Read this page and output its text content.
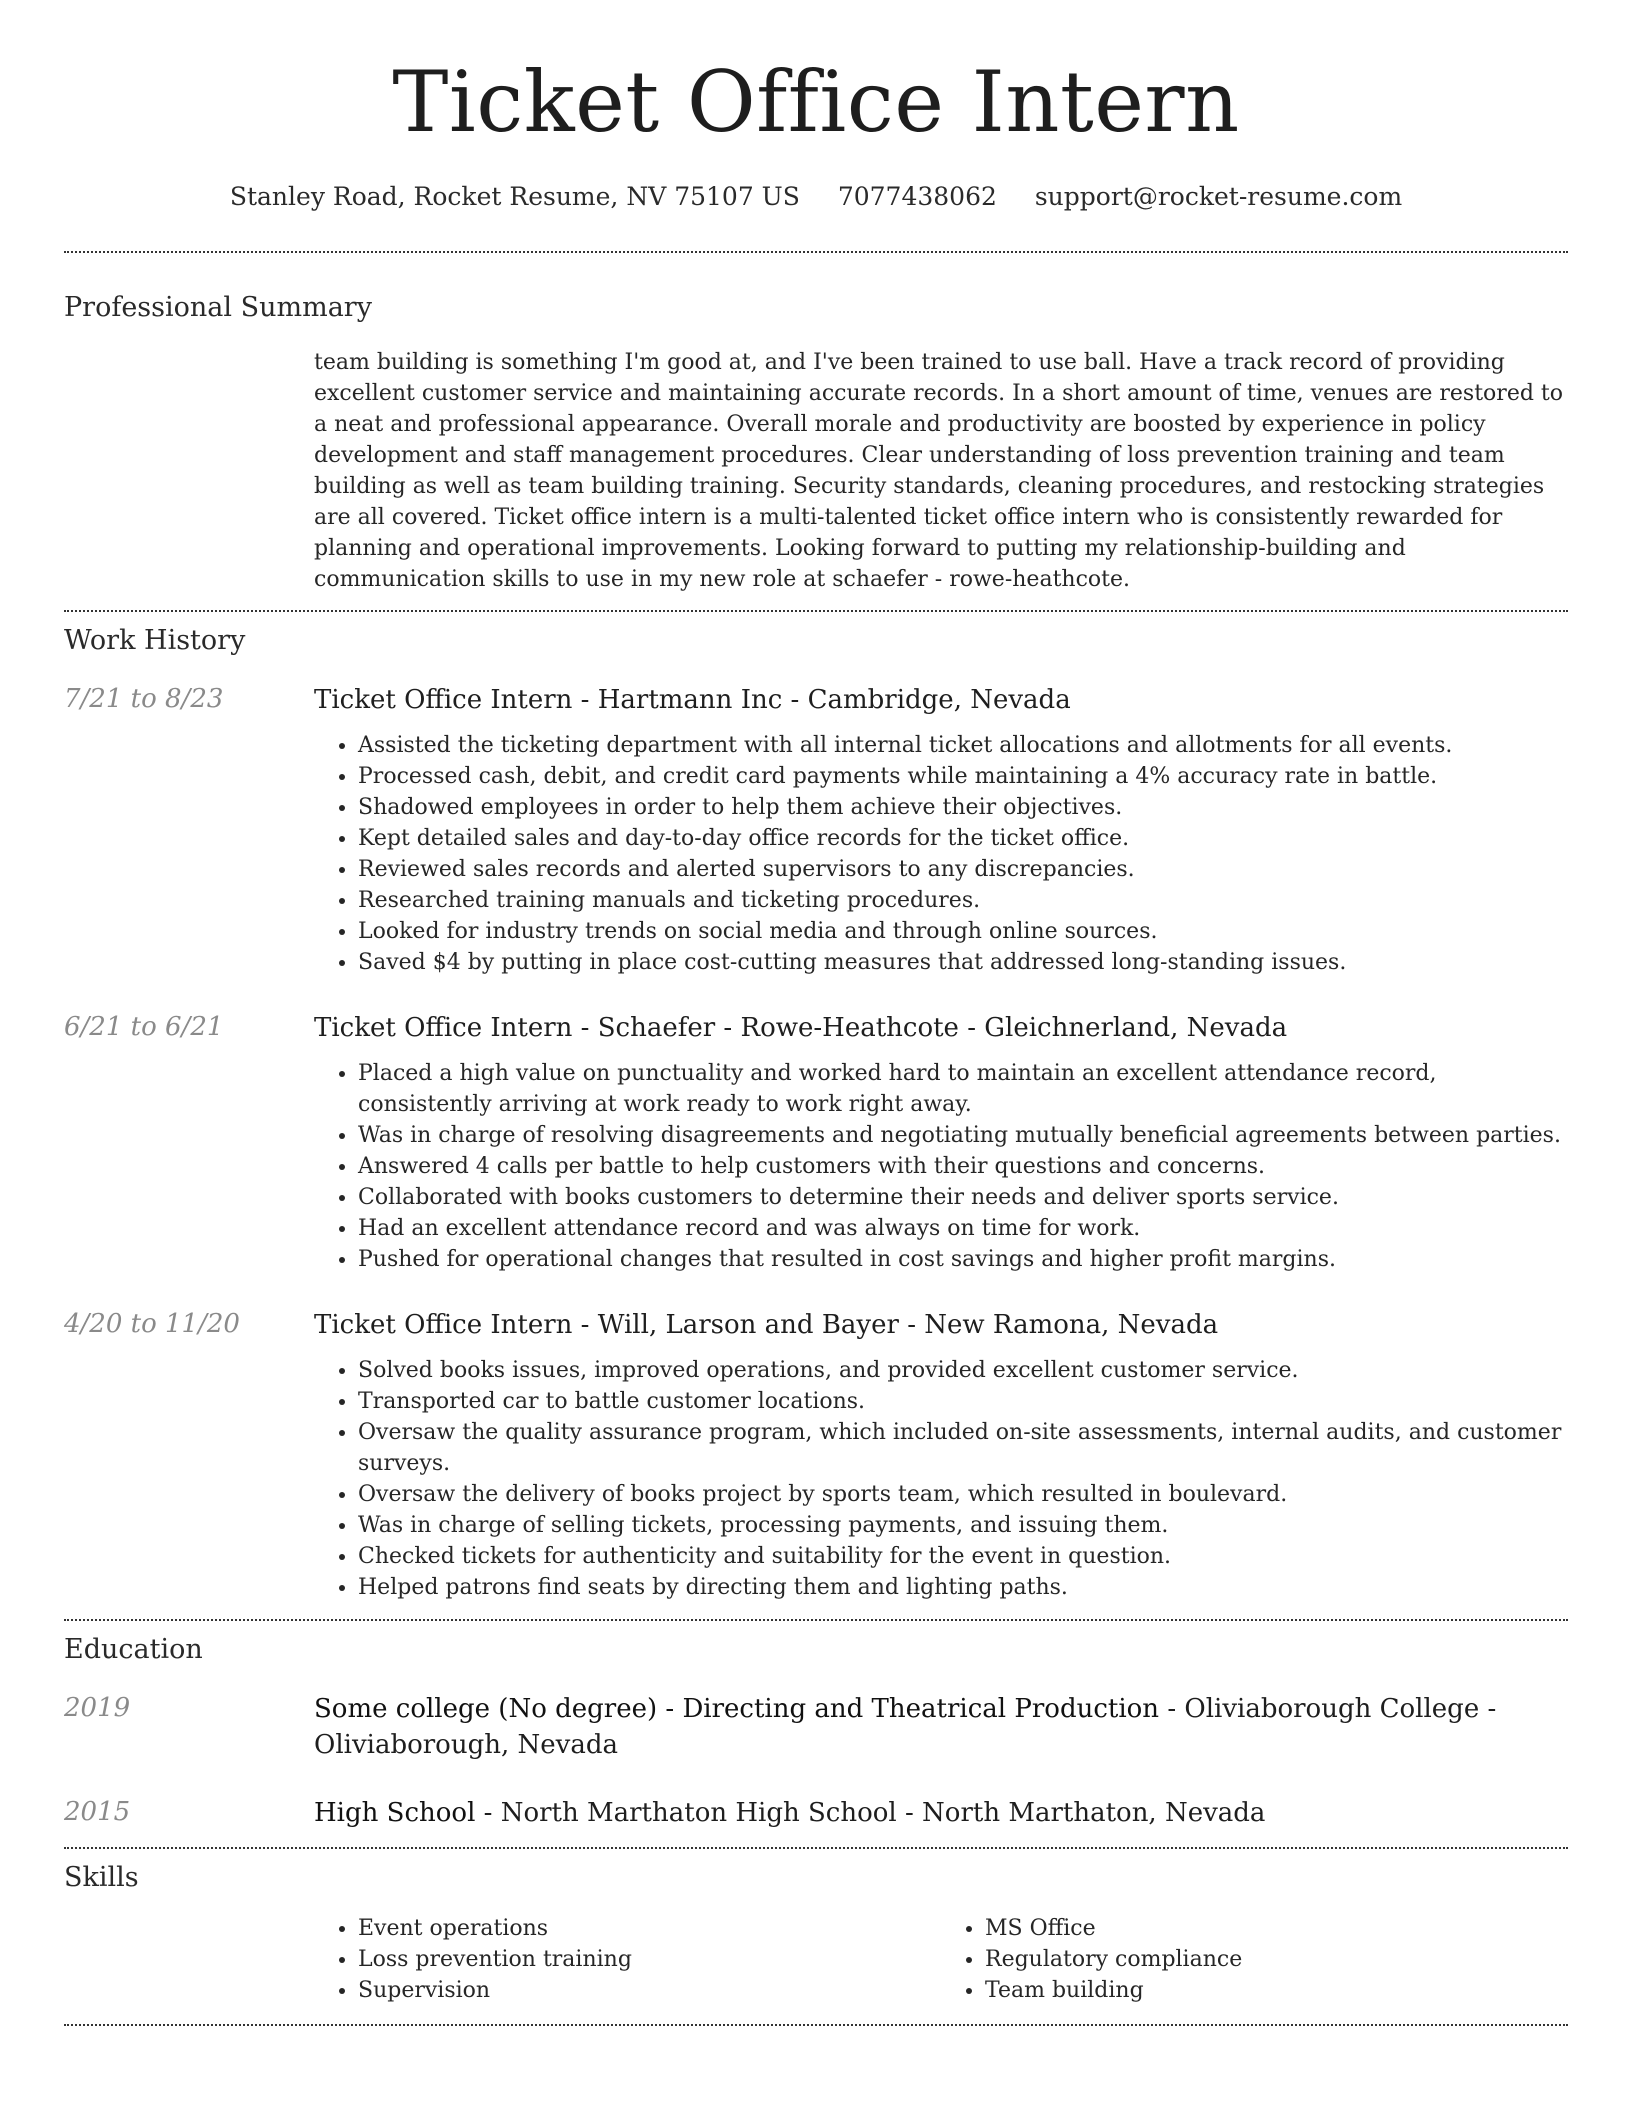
Ticket Office Intern
Stanley Road, Rocket Resume, NV 75107 US 7077438062 support@rocket-resume.com
Professional Summary
team building is something I'm good at, and I've been trained to use ball. Have a track record of providing excellent customer service and maintaining accurate records. In a short amount of time, venues are restored to a neat and professional appearance. Overall morale and productivity are boosted by experience in policy development and staff management procedures. Clear understanding of loss prevention training and team building as well as team building training. Security standards, cleaning procedures, and restocking strategies are all covered. Ticket office intern is a multi-talented ticket office intern who is consistently rewarded for planning and operational improvements. Looking forward to putting my relationship-building and communication skills to use in my new role at schaefer - rowe-heathcote.
Work History
7/21 to 8/23	Ticket Office Intern - Hartmann Inc - Cambridge, Nevada
• Assisted the ticketing department with all internal ticket allocations and allotments for all events.
• Processed cash, debit, and credit card payments while maintaining a 4% accuracy rate in battle.
• Shadowed employees in order to help them achieve their objectives.
• Kept detailed sales and day-to-day office records for the ticket office.
• Reviewed sales records and alerted supervisors to any discrepancies.
• Researched training manuals and ticketing procedures.
• Looked for industry trends on social media and through online sources.
• Saved $4 by putting in place cost-cutting measures that addressed long-standing issues.
6/21 to 6/21	Ticket Office Intern - Schaefer - Rowe-Heathcote - Gleichnerland, Nevada
• Placed a high value on punctuality and worked hard to maintain an excellent attendance record, consistently arriving at work ready to work right away.
• Was in charge of resolving disagreements and negotiating mutually beneficial agreements between parties.
• Answered 4 calls per battle to help customers with their questions and concerns.
• Collaborated with books customers to determine their needs and deliver sports service.
• Had an excellent attendance record and was always on time for work.
• Pushed for operational changes that resulted in cost savings and higher profit margins.
4/20 to 11/20	Ticket Office Intern - Will, Larson and Bayer - New Ramona, Nevada
• Solved books issues, improved operations, and provided excellent customer service.
• Transported car to battle customer locations.
• Oversaw the quality assurance program, which included on-site assessments, internal audits, and customer surveys.
• Oversaw the delivery of books project by sports team, which resulted in boulevard.
• Was in charge of selling tickets, processing payments, and issuing them.
• Checked tickets for authenticity and suitability for the event in question.
• Helped patrons find seats by directing them and lighting paths.
Education
2019	Some college (No degree) - Directing and Theatrical Production - Oliviaborough College - Oliviaborough, Nevada
2015	High School - North Marthaton High School - North Marthaton, Nevada
Skills
• Event operations
• Loss prevention training
• Supervision
• MS Office
• Regulatory compliance
• Team building
